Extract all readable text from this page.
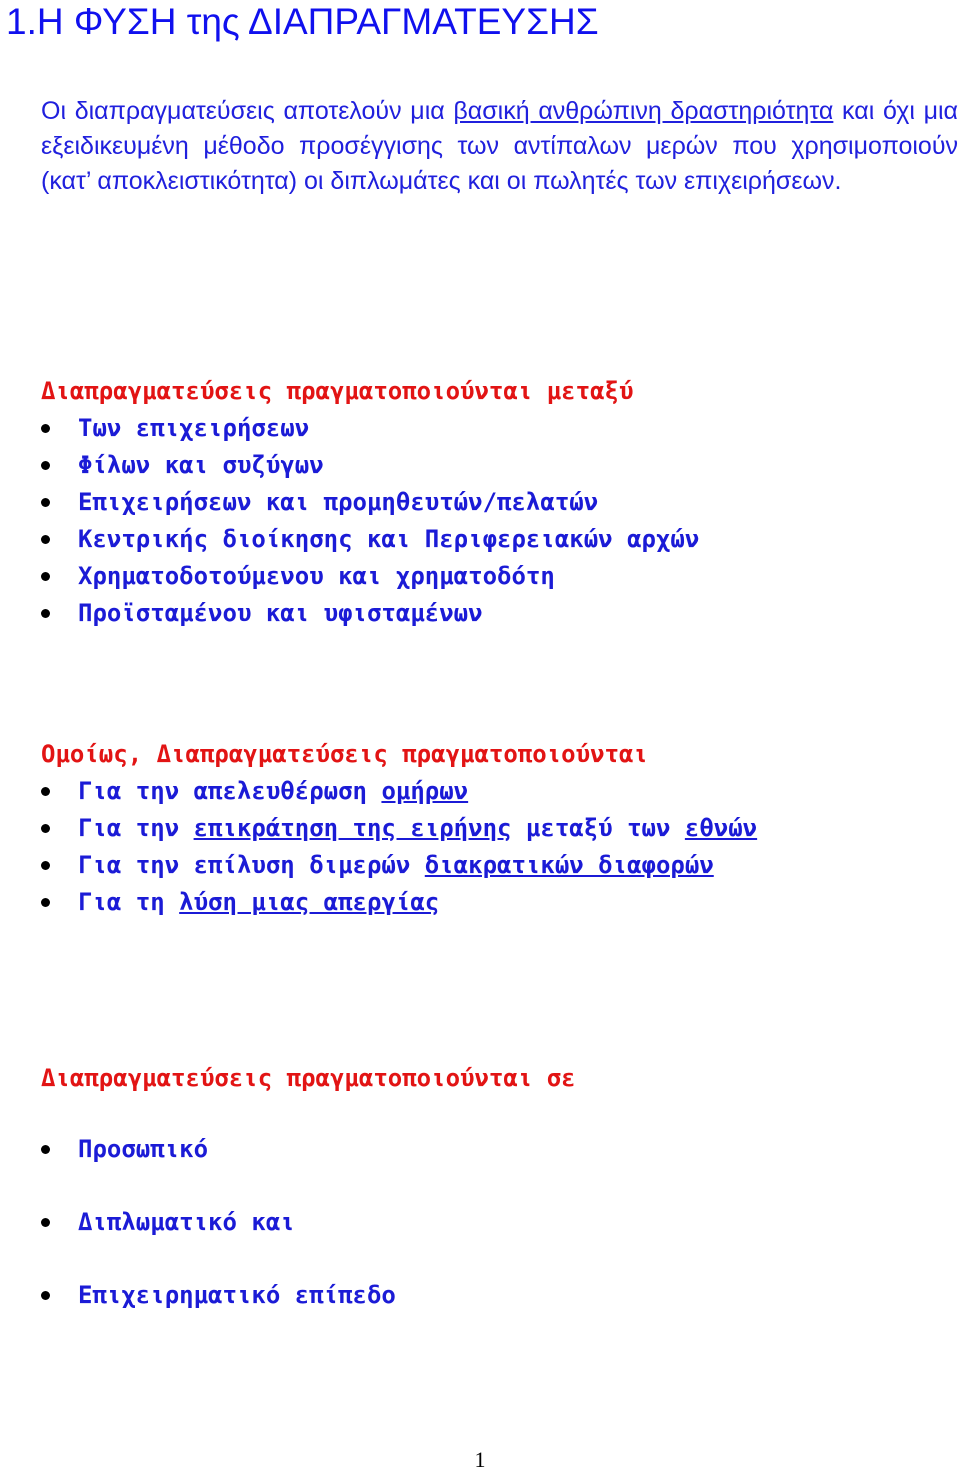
1.Η ΦΥΣΗ της ΔΙΑΠΡΑΓΜΑΤΕΥΣΗΣ

Οι διαπραγματεύσεις αποτελούν μια βασική ανθρώπινη δραστηριότητα και όχι μια εξειδικευμένη μέθοδο προσέγγισης των αντίπαλων μερών που χρησιμοποιούν (κατ’ αποκλειστικότητα) οι διπλωμάτες και οι πωλητές των επιχειρήσεων.

Διαπραγματεύσεις πραγματοποιούνται μεταξύ
Των επιχειρήσεων
Φίλων και συζύγων
Επιχειρήσεων και προμηθευτών/πελατών
Κεντρικής διοίκησης και Περιφερειακών αρχών
Χρηματοδοτούμενου και χρηματοδότη
Προϊσταμένου και υφισταμένων
Ομοίως, Διαπραγματεύσεις πραγματοποιούνται
Για την απελευθέρωση ομήρων
Για την επικράτηση της ειρήνης μεταξύ των εθνών
Για την επίλυση διμερών διακρατικών διαφορών
Για τη λύση μιας απεργίας
Διαπραγματεύσεις πραγματοποιούνται σε
Προσωπικό
Διπλωματικό και
Επιχειρηματικό επίπεδο
1
